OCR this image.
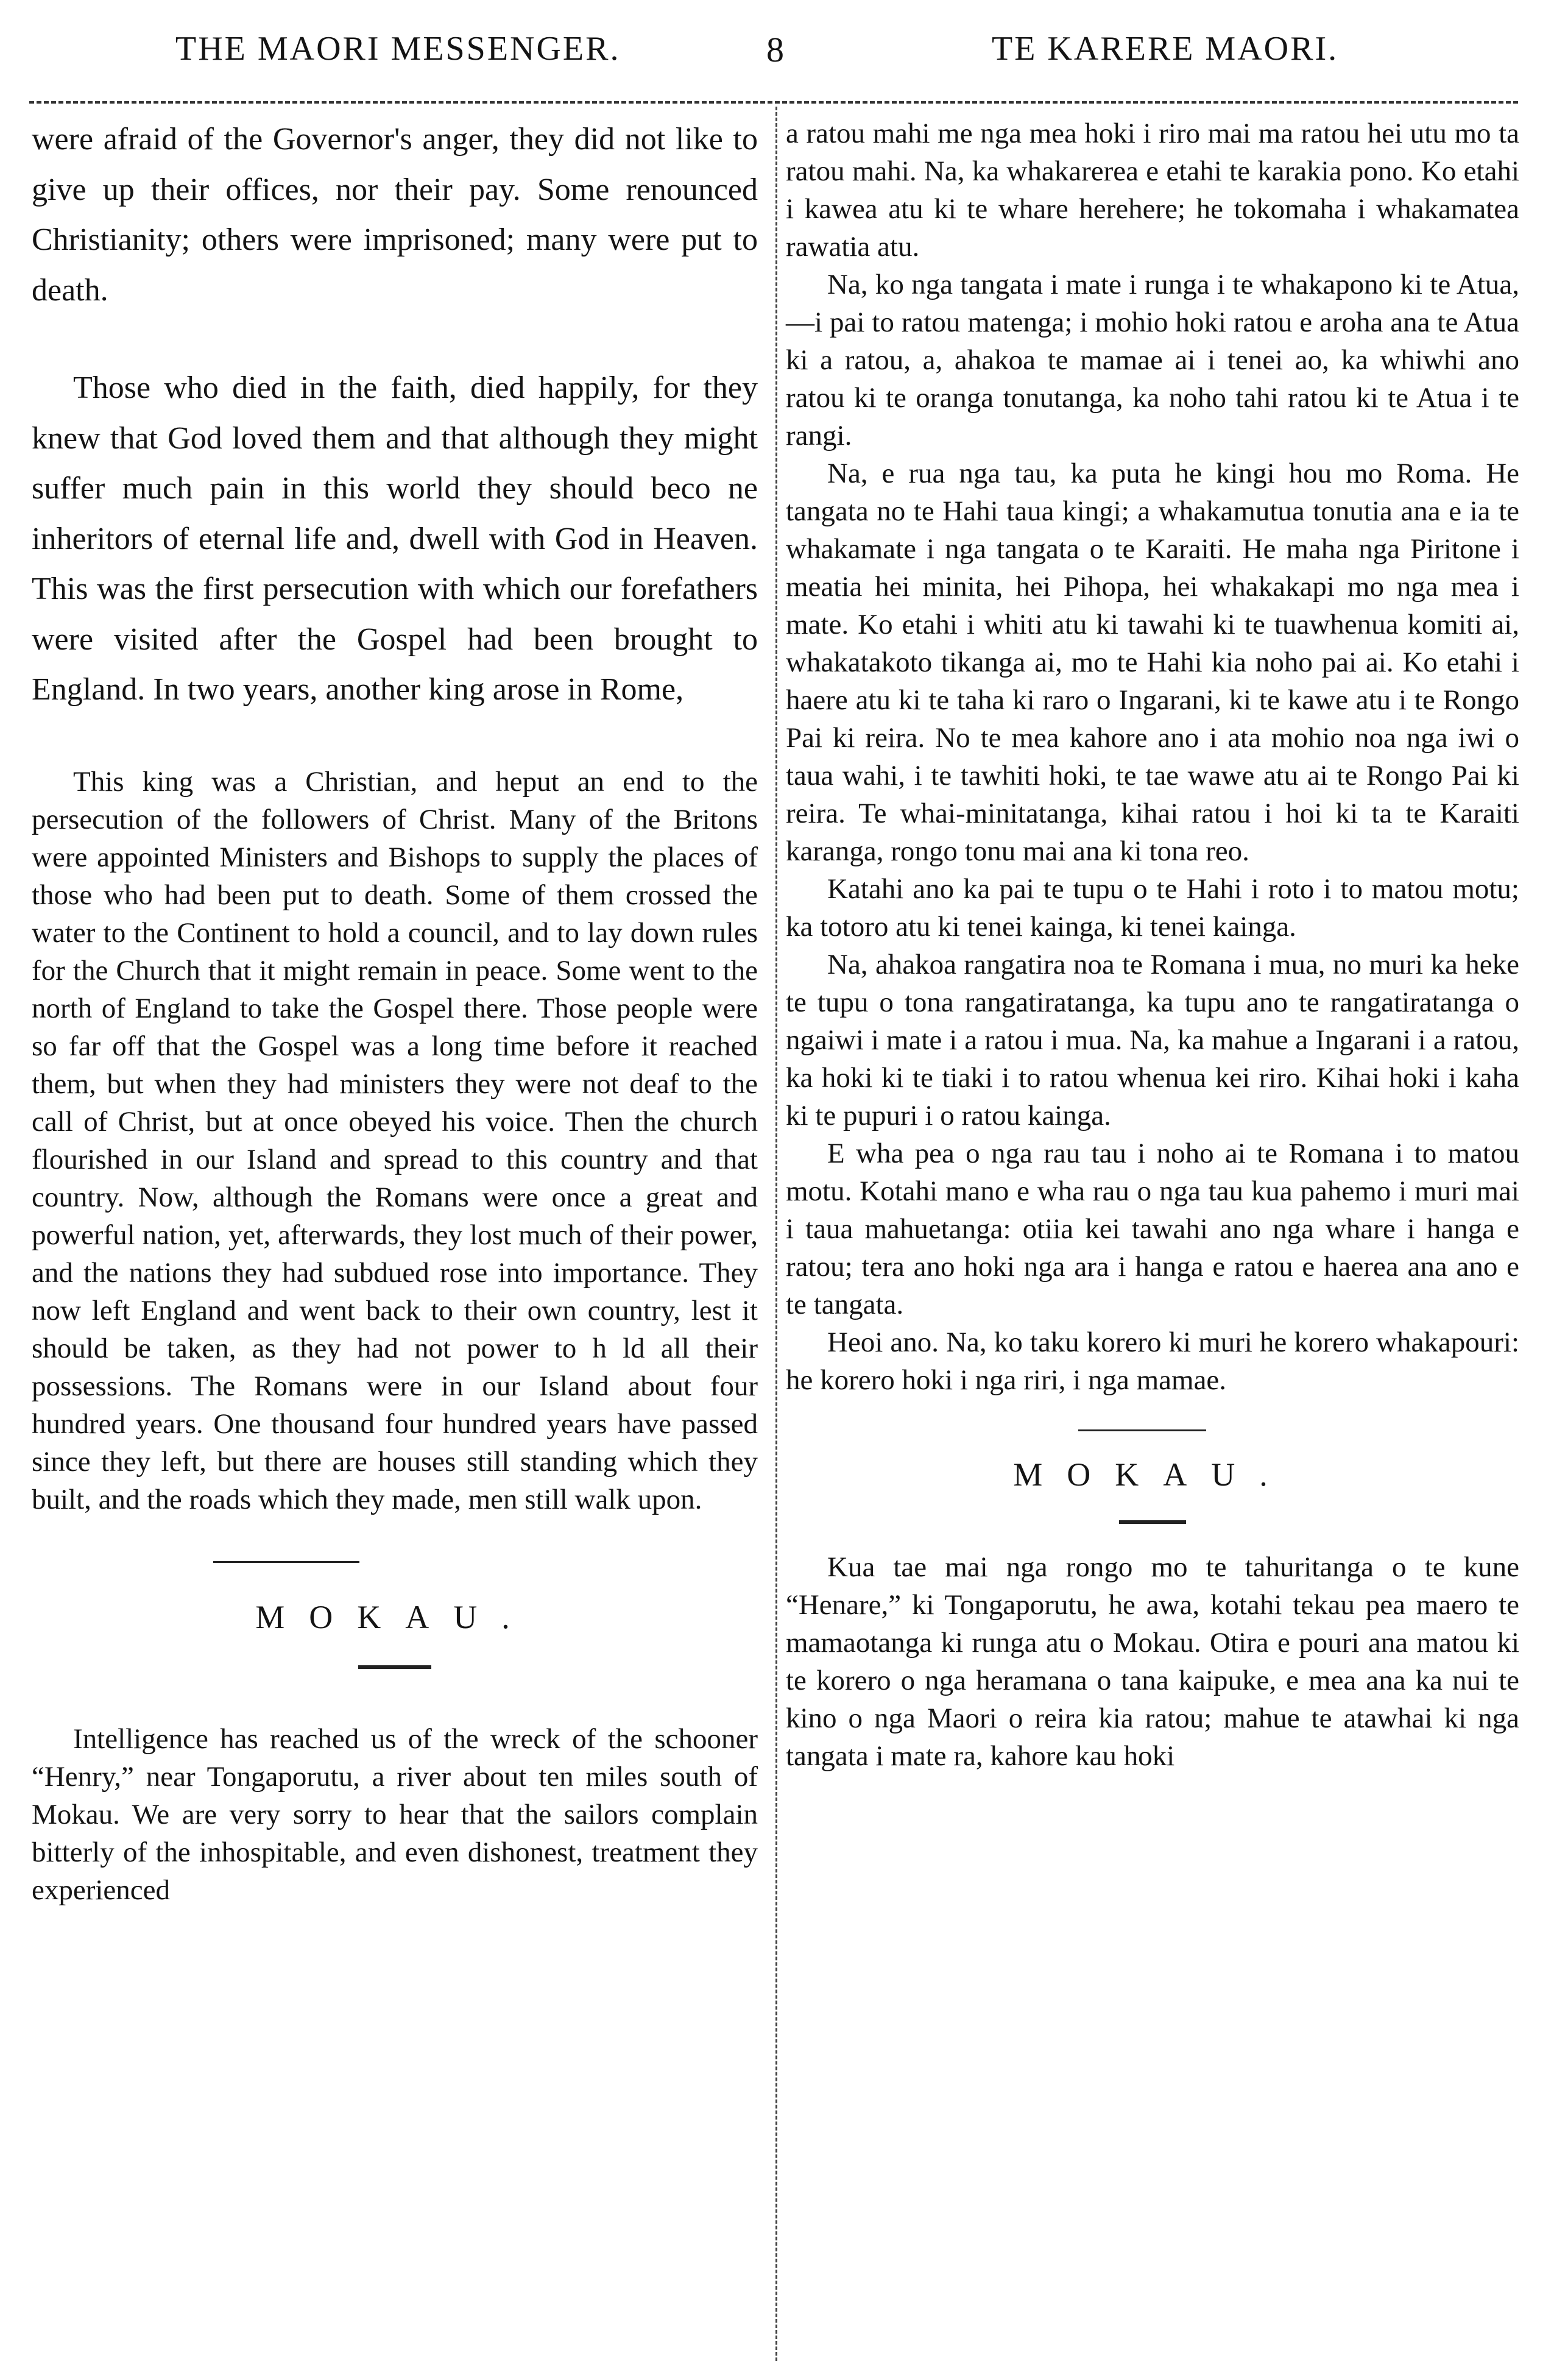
THE MAORI MESSENGER.	8	TE KARERE MAORI.

were afraid of the Governor's anger, they did not like to give up their offices, nor their pay. Some renounced Christianity; others were imprisoned; many were put to death.

Those who died in the faith, died happily, for they knew that God loved them and that although they might suffer much pain in this world they should beco ne inheritors of eternal life and, dwell with God in Heaven. This was the first persecution with which our forefathers were visited after the Gospel had been brought to England. In two years, another king arose in Rome,

This king was a Christian, and heput an end to the persecution of the followers of Christ. Many of the Britons were appointed Ministers and Bishops to supply the places of those who had been put to death. Some of them crossed the water to the Continent to hold a council, and to lay down rules for the Church that it might remain in peace. Some went to the north of England to take the Gospel there. Those people were so far off that the Gospel was a long time before it reached them, but when they had ministers they were not deaf to the call of Christ, but at once obeyed his voice. Then the church flourished in our Island and spread to this country and that country. Now, although the Romans were once a great and powerful nation, yet, afterwards, they lost much of their power, and the nations they had subdued rose into importance. They now left England and went back to their own country, lest it should be taken, as they had not power to h ld all their possessions. The Romans were in our Island about four hundred years. One thousand four hundred years have passed since they left, but there are houses still standing which they built, and the roads which they made, men still walk upon.

MOKAU.

Intelligence has reached us of the wreck of the schooner “Henry,” near Tongaporutu, a river about ten miles south of Mokau. We are very sorry to hear that the sailors complain bitterly of the inhospitable, and even dishonest, treatment they experienced

a ratou mahi me nga mea hoki i riro mai ma ratou hei utu mo ta ratou mahi. Na, ka whakarerea e etahi te karakia pono. Ko etahi i kawea atu ki te whare herehere; he tokomaha i whakamatea rawatia atu.

Na, ko nga tangata i mate i runga i te whakapono ki te Atua,—i pai to ratou matenga; i mohio hoki ratou e aroha ana te Atua ki a ratou, a, ahakoa te mamae ai i tenei ao, ka whiwhi ano ratou ki te oranga tonutanga, ka noho tahi ratou ki te Atua i te rangi.

Na, e rua nga tau, ka puta he kingi hou mo Roma. He tangata no te Hahi taua kingi; a whakamutua tonutia ana e ia te whakamate i nga tangata o te Karaiti. He maha nga Piritone i meatia hei minita, hei Pihopa, hei whakakapi mo nga mea i mate. Ko etahi i whiti atu ki tawahi ki te tuawhenua komiti ai, whakatakoto tikanga ai, mo te Hahi kia noho pai ai. Ko etahi i haere atu ki te taha ki raro o Ingarani, ki te kawe atu i te Rongo Pai ki reira. No te mea kahore ano i ata mohio noa nga iwi o taua wahi, i te tawhiti hoki, te tae wawe atu ai te Rongo Pai ki reira. Te whai-minitatanga, kihai ratou i hoi ki ta te Karaiti karanga, rongo tonu mai ana ki tona reo.

Katahi ano ka pai te tupu o te Hahi i roto i to matou motu; ka totoro atu ki tenei kainga, ki tenei kainga.

Na, ahakoa rangatira noa te Romana i mua, no muri ka heke te tupu o tona rangatiratanga, ka tupu ano te rangatiratanga o ngaiwi i mate i a ratou i mua. Na, ka mahue a Ingarani i a ratou, ka hoki ki te tiaki i to ratou whenua kei riro. Kihai hoki i kaha ki te pupuri i o ratou kainga.

E wha pea o nga rau tau i noho ai te Romana i to matou motu. Kotahi mano e wha rau o nga tau kua pahemo i muri mai i taua mahuetanga: otiia kei tawahi ano nga whare i hanga e ratou; tera ano hoki nga ara i hanga e ratou e haerea ana ano e te tangata.

Heoi ano. Na, ko taku korero ki muri he korero whakapouri: he korero hoki i nga riri, i nga mamae.

MOKAU.

Kua tae mai nga rongo mo te tahuritanga o te kune “Henare,” ki Tongaporutu, he awa, kotahi tekau pea maero te mamaotanga ki runga atu o Mokau. Otira e pouri ana matou ki te korero o nga heramana o tana kaipuke, e mea ana ka nui te kino o nga Maori o reira kia ratou; mahue te atawhai ki nga tangata i mate ra, kahore kau hoki
